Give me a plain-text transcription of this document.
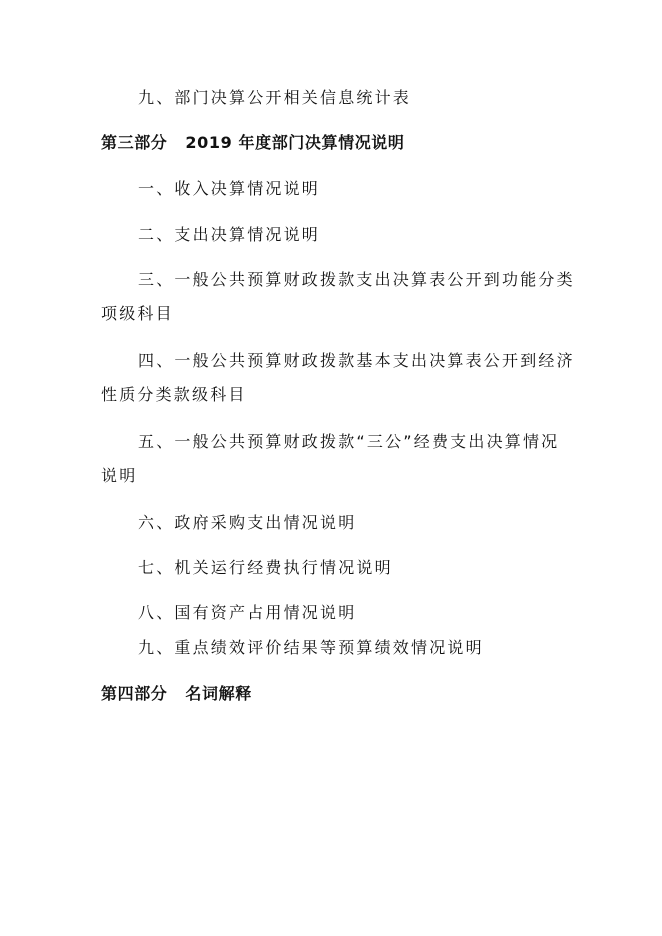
九、部门决算公开相关信息统计表
第三部分 2019 年度部门决算情况说明
一、收入决算情况说明
二、支出决算情况说明
三、一般公共预算财政拨款支出决算表公开到功能分类
项级科目
四、一般公共预算财政拨款基本支出决算表公开到经济
性质分类款级科目
五、一般公共预算财政拨款“三公”经费支出决算情况
说明
六、政府采购支出情况说明
七、机关运行经费执行情况说明
八、国有资产占用情况说明
九、重点绩效评价结果等预算绩效情况说明
第四部分 名词解释
